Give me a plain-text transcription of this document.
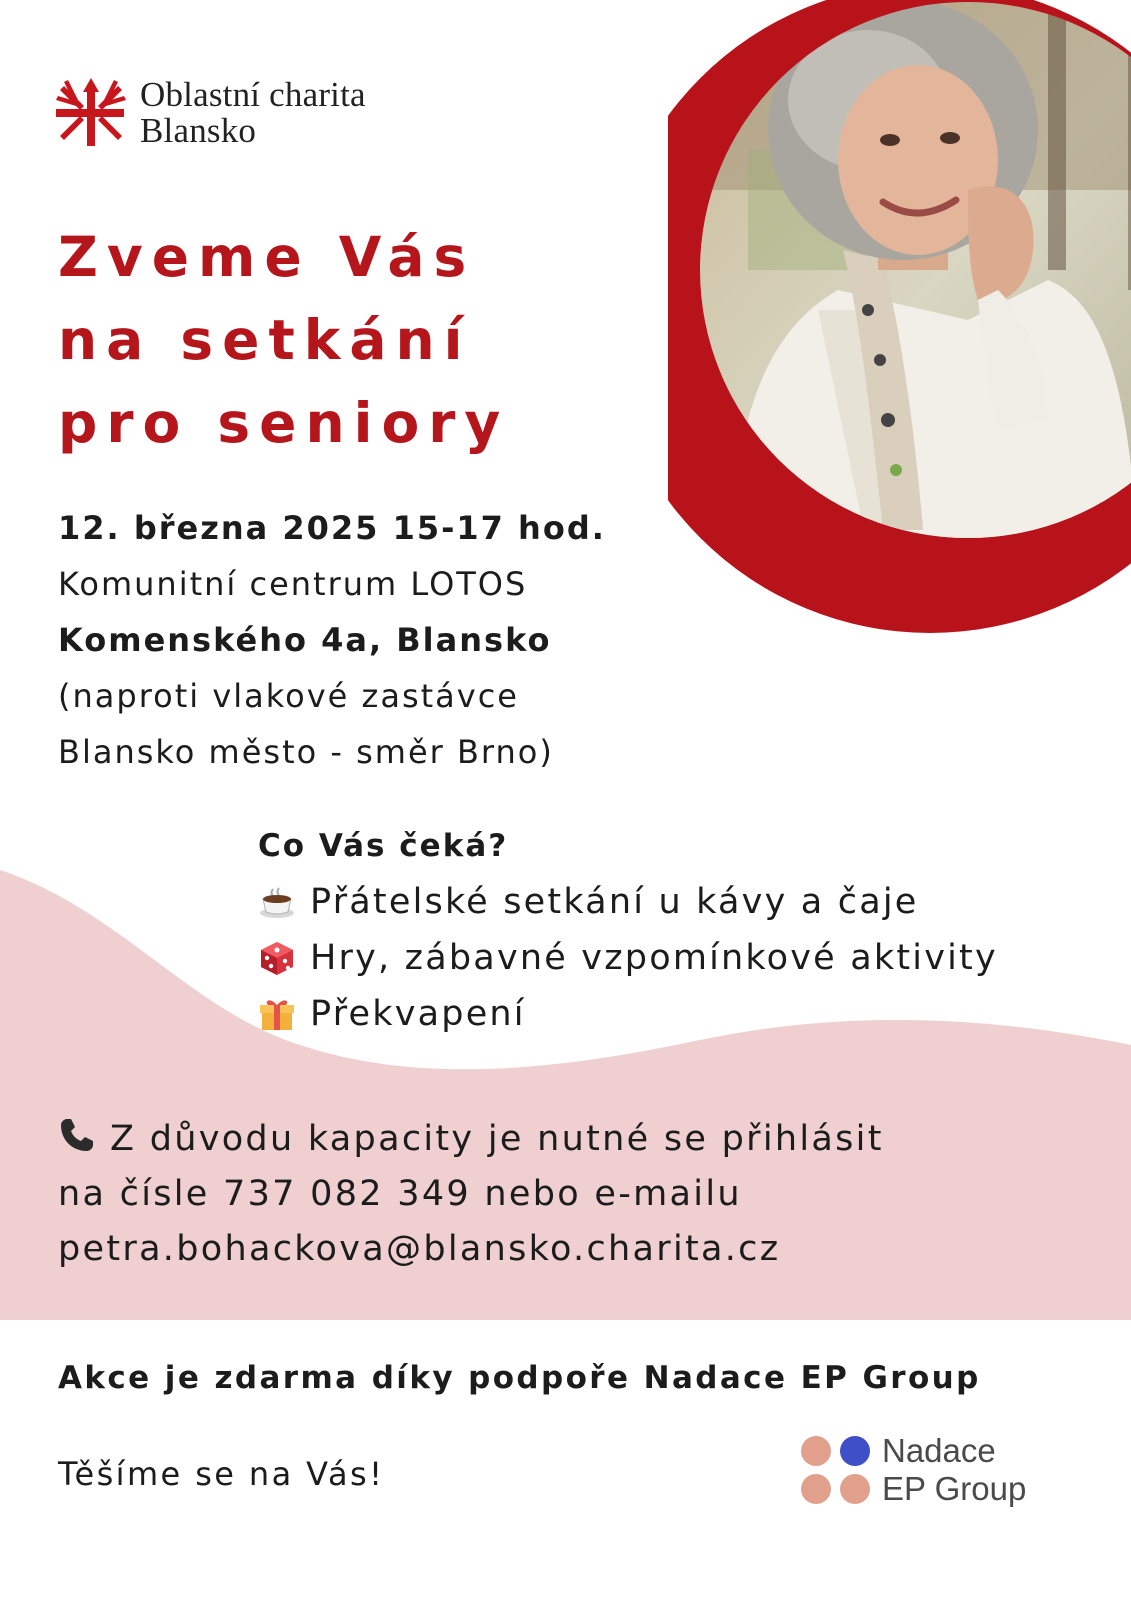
Oblastní charita
Blansko
Zveme Vás
na setkání
pro seniory
12. března 2025 15-17 hod.
Komunitní centrum LOTOS
Komenského 4a, Blansko
(naproti vlakové zastávce
Blansko město - směr Brno)
Co Vás čeká?
Přátelské setkání u kávy a čaje
Hry, zábavné vzpomínkové aktivity
Překvapení
Z důvodu kapacity je nutné se přihlásit
na čísle 737 082 349 nebo e-mailu
petra.bohackova@blansko.charita.cz
Akce je zdarma díky podpoře Nadace EP Group
Těšíme se na Vás!
Nadace
EP Group
